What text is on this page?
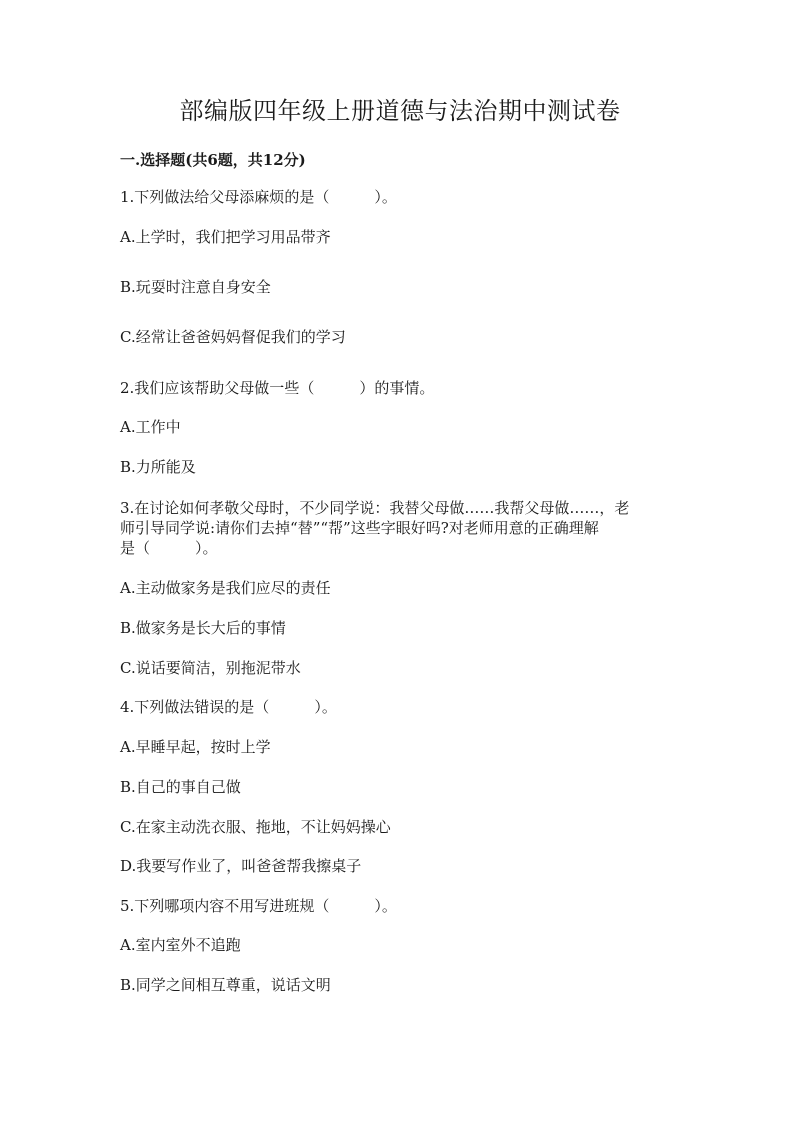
部编版四年级上册道德与法治期中测试卷

一.选择题(共6题，共12分)

1.下列做法给父母添麻烦的是（　　　）。

A.上学时，我们把学习用品带齐

B.玩耍时注意自身安全

C.经常让爸爸妈妈督促我们的学习

2.我们应该帮助父母做一些（　　　）的事情。

A.工作中

B.力所能及

3.在讨论如何孝敬父母时，不少同学说：我替父母做……我帮父母做……，老

师引导同学说:请你们去掉“替”“帮”这些字眼好吗?对老师用意的正确理解

是（　　　）。

A.主动做家务是我们应尽的责任

B.做家务是长大后的事情

C.说话要简洁，别拖泥带水

4.下列做法错误的是（　　　）。

A.早睡早起，按时上学

B.自己的事自己做

C.在家主动洗衣服、拖地，不让妈妈操心

D.我要写作业了，叫爸爸帮我擦桌子

5.下列哪项内容不用写进班规（　　　）。

A.室内室外不追跑

B.同学之间相互尊重，说话文明
